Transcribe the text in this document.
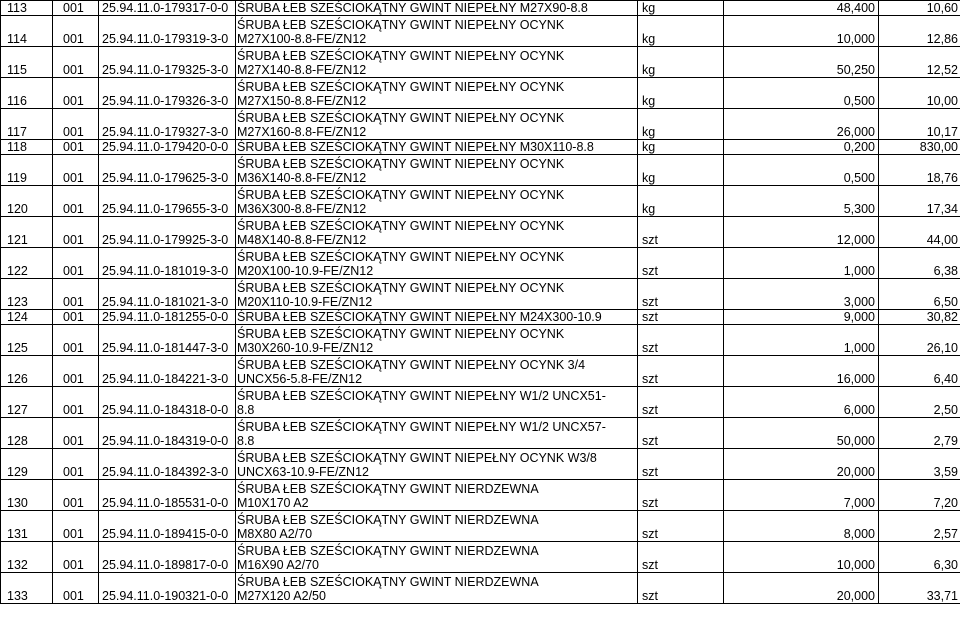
113	001	25.94.11.0-179317-0-0	ŚRUBA ŁEB SZEŚCIOKĄTNY GWINT NIEPEŁNY M27X90-8.8	kg	48,400	10,60
114	001	25.94.11.0-179319-3-0	ŚRUBA ŁEB SZEŚCIOKĄTNY GWINT NIEPEŁNY OCYNK
M27X100-8.8-FE/ZN12	kg	10,000	12,86
115	001	25.94.11.0-179325-3-0	ŚRUBA ŁEB SZEŚCIOKĄTNY GWINT NIEPEŁNY OCYNK
M27X140-8.8-FE/ZN12	kg	50,250	12,52
116	001	25.94.11.0-179326-3-0	ŚRUBA ŁEB SZEŚCIOKĄTNY GWINT NIEPEŁNY OCYNK
M27X150-8.8-FE/ZN12	kg	0,500	10,00
117	001	25.94.11.0-179327-3-0	ŚRUBA ŁEB SZEŚCIOKĄTNY GWINT NIEPEŁNY OCYNK
M27X160-8.8-FE/ZN12	kg	26,000	10,17
118	001	25.94.11.0-179420-0-0	ŚRUBA ŁEB SZEŚCIOKĄTNY GWINT NIEPEŁNY M30X110-8.8	kg	0,200	830,00
119	001	25.94.11.0-179625-3-0	ŚRUBA ŁEB SZEŚCIOKĄTNY GWINT NIEPEŁNY OCYNK
M36X140-8.8-FE/ZN12	kg	0,500	18,76
120	001	25.94.11.0-179655-3-0	ŚRUBA ŁEB SZEŚCIOKĄTNY GWINT NIEPEŁNY OCYNK
M36X300-8.8-FE/ZN12	kg	5,300	17,34
121	001	25.94.11.0-179925-3-0	ŚRUBA ŁEB SZEŚCIOKĄTNY GWINT NIEPEŁNY OCYNK
M48X140-8.8-FE/ZN12	szt	12,000	44,00
122	001	25.94.11.0-181019-3-0	ŚRUBA ŁEB SZEŚCIOKĄTNY GWINT NIEPEŁNY OCYNK
M20X100-10.9-FE/ZN12	szt	1,000	6,38
123	001	25.94.11.0-181021-3-0	ŚRUBA ŁEB SZEŚCIOKĄTNY GWINT NIEPEŁNY OCYNK
M20X110-10.9-FE/ZN12	szt	3,000	6,50
124	001	25.94.11.0-181255-0-0	ŚRUBA ŁEB SZEŚCIOKĄTNY GWINT NIEPEŁNY M24X300-10.9	szt	9,000	30,82
125	001	25.94.11.0-181447-3-0	ŚRUBA ŁEB SZEŚCIOKĄTNY GWINT NIEPEŁNY OCYNK
M30X260-10.9-FE/ZN12	szt	1,000	26,10
126	001	25.94.11.0-184221-3-0	ŚRUBA ŁEB SZEŚCIOKĄTNY GWINT NIEPEŁNY OCYNK 3/4
UNCX56-5.8-FE/ZN12	szt	16,000	6,40
127	001	25.94.11.0-184318-0-0	ŚRUBA ŁEB SZEŚCIOKĄTNY GWINT NIEPEŁNY W1/2 UNCX51-
8.8	szt	6,000	2,50
128	001	25.94.11.0-184319-0-0	ŚRUBA ŁEB SZEŚCIOKĄTNY GWINT NIEPEŁNY W1/2 UNCX57-
8.8	szt	50,000	2,79
129	001	25.94.11.0-184392-3-0	ŚRUBA ŁEB SZEŚCIOKĄTNY GWINT NIEPEŁNY OCYNK W3/8
UNCX63-10.9-FE/ZN12	szt	20,000	3,59
130	001	25.94.11.0-185531-0-0	ŚRUBA ŁEB SZEŚCIOKĄTNY GWINT NIERDZEWNA
M10X170 A2	szt	7,000	7,20
131	001	25.94.11.0-189415-0-0	ŚRUBA ŁEB SZEŚCIOKĄTNY GWINT NIERDZEWNA
M8X80 A2/70	szt	8,000	2,57
132	001	25.94.11.0-189817-0-0	ŚRUBA ŁEB SZEŚCIOKĄTNY GWINT NIERDZEWNA
M16X90 A2/70	szt	10,000	6,30
133	001	25.94.11.0-190321-0-0	ŚRUBA ŁEB SZEŚCIOKĄTNY GWINT NIERDZEWNA
M27X120 A2/50	szt	20,000	33,71
